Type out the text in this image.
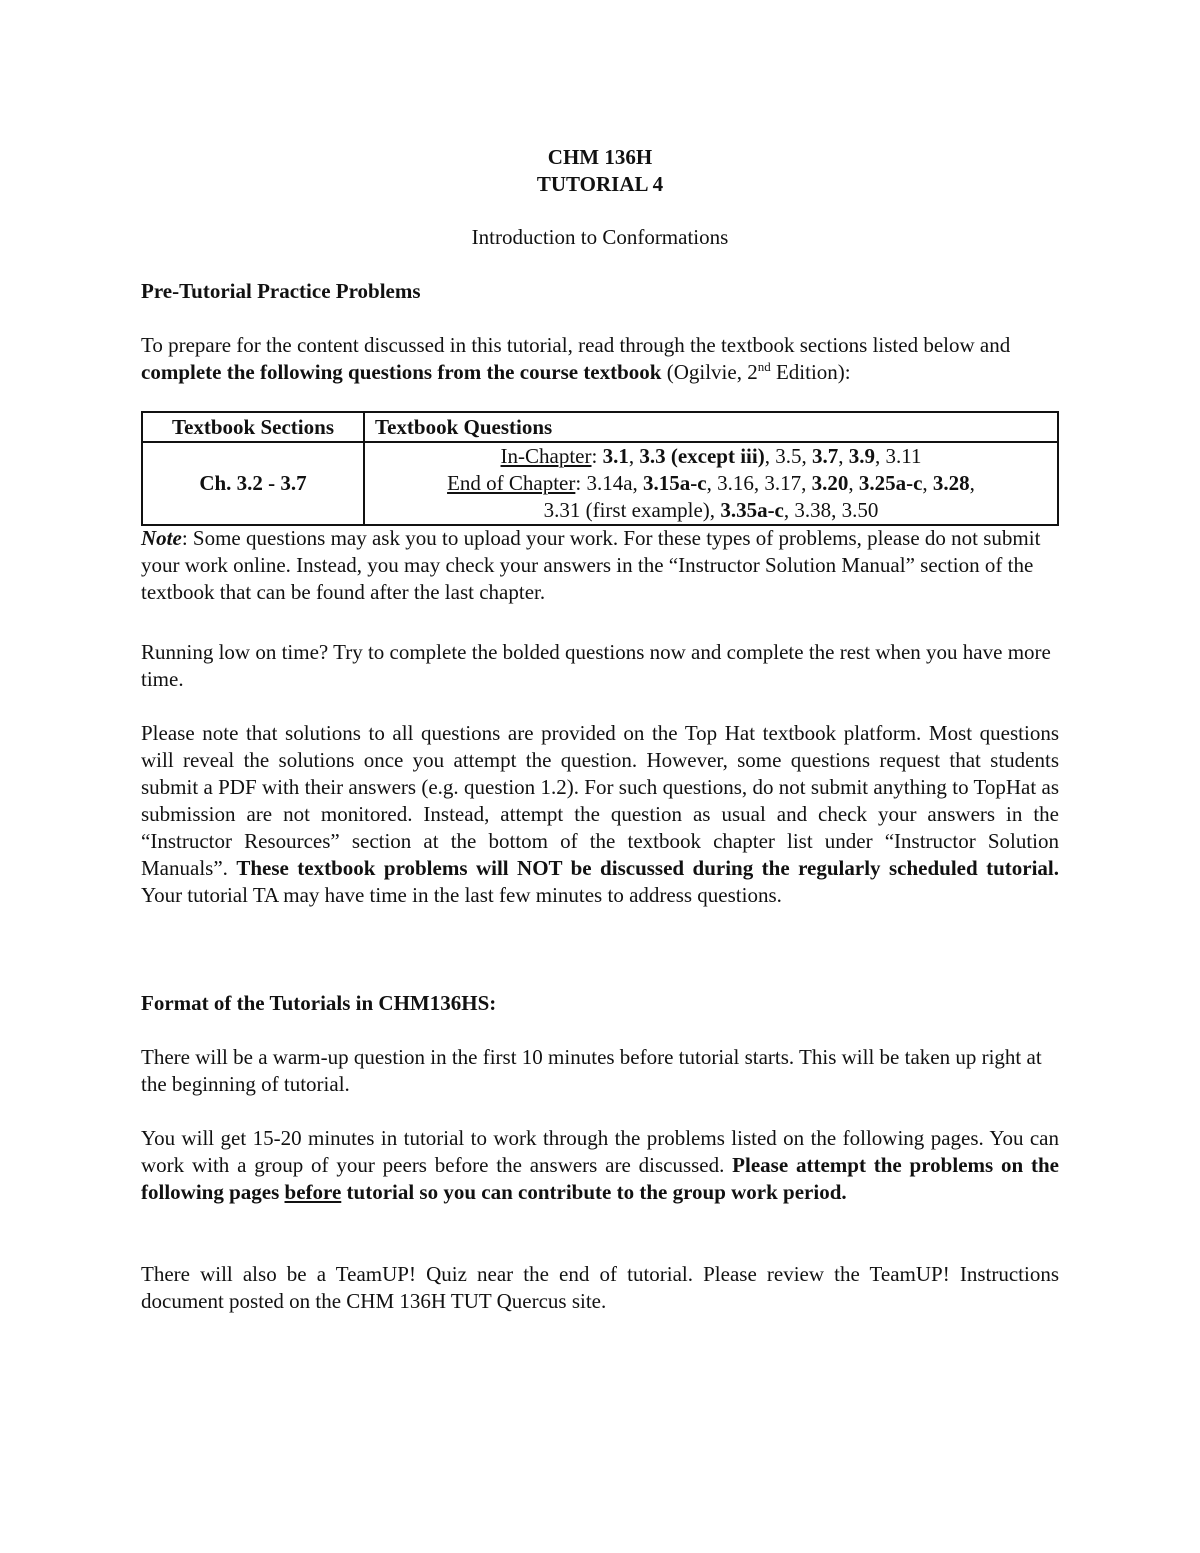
CHM 136H
TUTORIAL 4
Introduction to Conformations
Pre-Tutorial Practice Problems
To prepare for the content discussed in this tutorial, read through the textbook sections listed below and complete the following questions from the course textbook (Ogilvie, 2nd Edition):
Textbook Sections	Textbook Questions
Ch. 3.2 - 3.7	In-Chapter: 3.1, 3.3 (except iii), 3.5, 3.7, 3.9, 3.11
End of Chapter: 3.14a, 3.15a-c, 3.16, 3.17, 3.20, 3.25a-c, 3.28,
3.31 (first example), 3.35a-c, 3.38, 3.50
Note: Some questions may ask you to upload your work. For these types of problems, please do not submit your work online. Instead, you may check your answers in the “Instructor Solution Manual” section of the textbook that can be found after the last chapter.
Running low on time? Try to complete the bolded questions now and complete the rest when you have more time.
Please note that solutions to all questions are provided on the Top Hat textbook platform. Most questions will reveal the solutions once you attempt the question. However, some questions request that students submit a PDF with their answers (e.g. question 1.2). For such questions, do not submit anything to TopHat as submission are not monitored. Instead, attempt the question as usual and check your answers in the “Instructor Resources” section at the bottom of the textbook chapter list under “Instructor Solution Manuals”. These textbook problems will NOT be discussed during the regularly scheduled tutorial. Your tutorial TA may have time in the last few minutes to address questions.
Format of the Tutorials in CHM136HS:
There will be a warm-up question in the first 10 minutes before tutorial starts. This will be taken up right at the beginning of tutorial.
You will get 15-20 minutes in tutorial to work through the problems listed on the following pages. You can work with a group of your peers before the answers are discussed. Please attempt the problems on the following pages before tutorial so you can contribute to the group work period.
There will also be a TeamUP! Quiz near the end of tutorial. Please review the TeamUP! Instructions document posted on the CHM 136H TUT Quercus site.
